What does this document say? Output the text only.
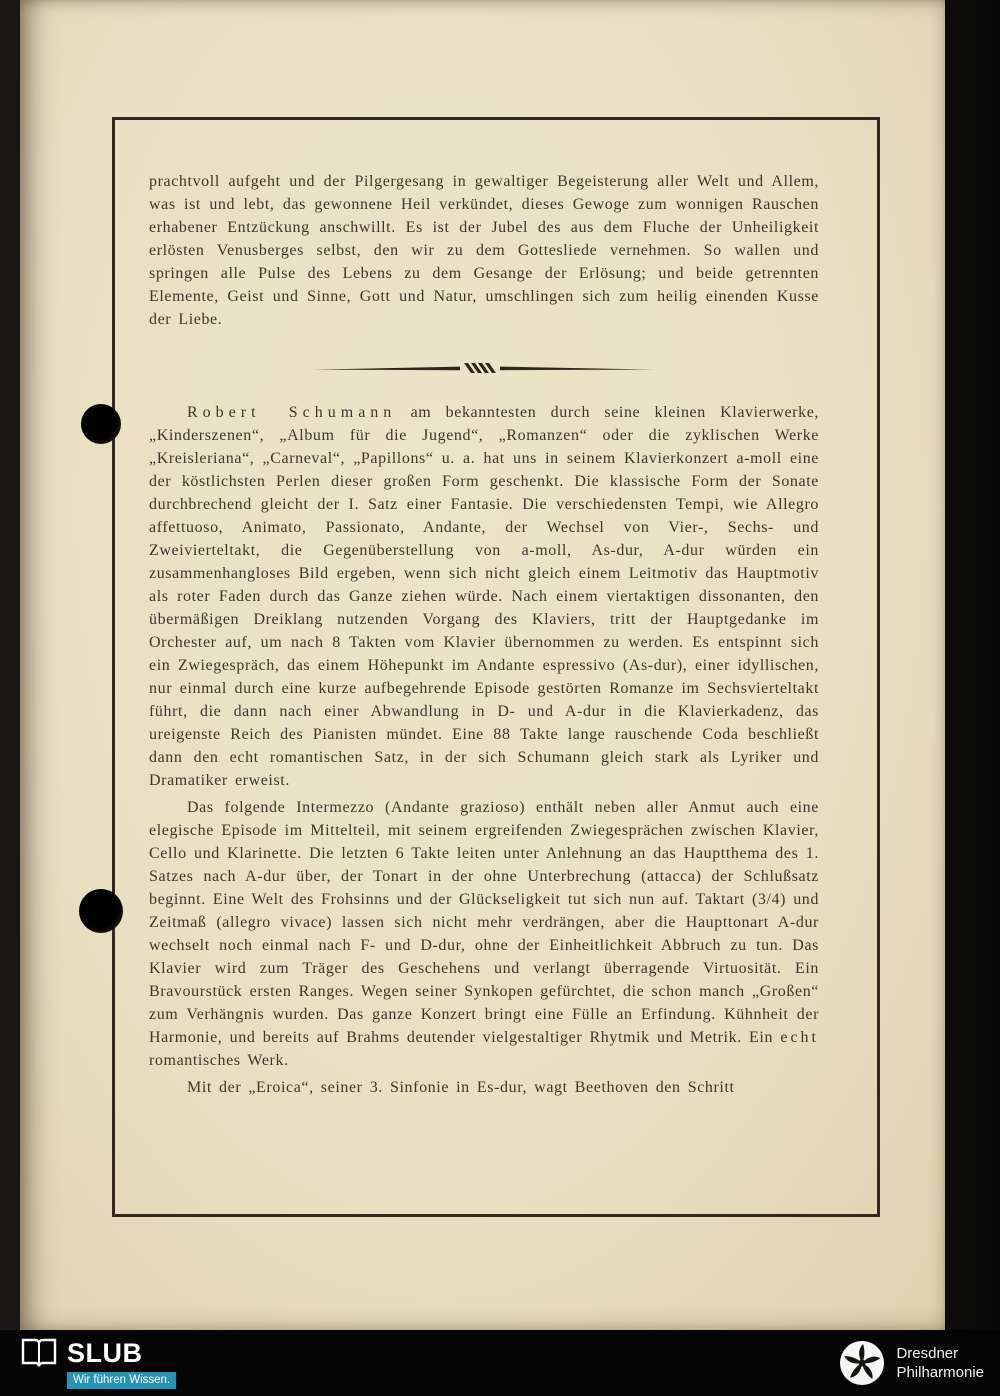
prachtvoll aufgeht und der Pilgergesang in gewaltiger Begeisterung aller Welt und Allem, was ist und lebt, das gewonnene Heil verkündet, dieses Gewoge zum wonnigen Rauschen erhabener Entzückung anschwillt. Es ist der Jubel des aus dem Fluche der Unheiligkeit erlösten Venusberges selbst, den wir zu dem Gottesliede vernehmen. So wallen und springen alle Pulse des Lebens zu dem Gesange der Erlösung; und beide getrennten Elemente, Geist und Sinne, Gott und Natur, umschlingen sich zum heilig einenden Kusse der Liebe.

Robert Schumann am bekanntesten durch seine kleinen Klavierwerke, „Kinderszenen“, „Album für die Jugend“, „Romanzen“ oder die zyklischen Werke „Kreisleriana“, „Carneval“, „Papillons“ u. a. hat uns in seinem Klavierkonzert a-moll eine der köstlichsten Perlen dieser großen Form geschenkt. Die klassische Form der Sonate durchbrechend gleicht der I. Satz einer Fantasie. Die verschiedensten Tempi, wie Allegro affettuoso, Animato, Passionato, Andante, der Wechsel von Vier-, Sechs- und Zweivierteltakt, die Gegenüberstellung von a-moll, As-dur, A-dur würden ein zusammenhangloses Bild ergeben, wenn sich nicht gleich einem Leitmotiv das Hauptmotiv als roter Faden durch das Ganze ziehen würde. Nach einem viertaktigen dissonanten, den übermäßigen Dreiklang nutzenden Vorgang des Klaviers, tritt der Hauptgedanke im Orchester auf, um nach 8 Takten vom Klavier übernommen zu werden. Es entspinnt sich ein Zwiegespräch, das einem Höhepunkt im Andante espressivo (As-dur), einer idyllischen, nur einmal durch eine kurze aufbegehrende Episode gestörten Romanze im Sechsvierteltakt führt, die dann nach einer Abwandlung in D- und A-dur in die Klavierkadenz, das ureigenste Reich des Pianisten mündet. Eine 88 Takte lange rauschende Coda beschließt dann den echt romantischen Satz, in der sich Schumann gleich stark als Lyriker und Dramatiker erweist.

Das folgende Intermezzo (Andante grazioso) enthält neben aller Anmut auch eine elegische Episode im Mittelteil, mit seinem ergreifenden Zwiegesprächen zwischen Klavier, Cello und Klarinette. Die letzten 6 Takte leiten unter Anlehnung an das Hauptthema des 1. Satzes nach A-dur über, der Tonart in der ohne Unterbrechung (attacca) der Schlußsatz beginnt. Eine Welt des Frohsinns und der Glückseligkeit tut sich nun auf. Taktart (3/4) und Zeitmaß (allegro vivace) lassen sich nicht mehr verdrängen, aber die Haupttonart A-dur wechselt noch einmal nach F- und D-dur, ohne der Einheitlichkeit Abbruch zu tun. Das Klavier wird zum Träger des Geschehens und verlangt überragende Virtuosität. Ein Bravourstück ersten Ranges. Wegen seiner Synkopen gefürchtet, die schon manch „Großen“ zum Verhängnis wurden. Das ganze Konzert bringt eine Fülle an Erfindung. Kühnheit der Harmonie, und bereits auf Brahms deutender vielgestaltiger Rhytmik und Metrik. Ein echt romantisches Werk.

Mit der „Eroica“, seiner 3. Sinfonie in Es-dur, wagt Beethoven den Schritt

SLUB
Wir führen Wissen.
Dresdner
Philharmonie
